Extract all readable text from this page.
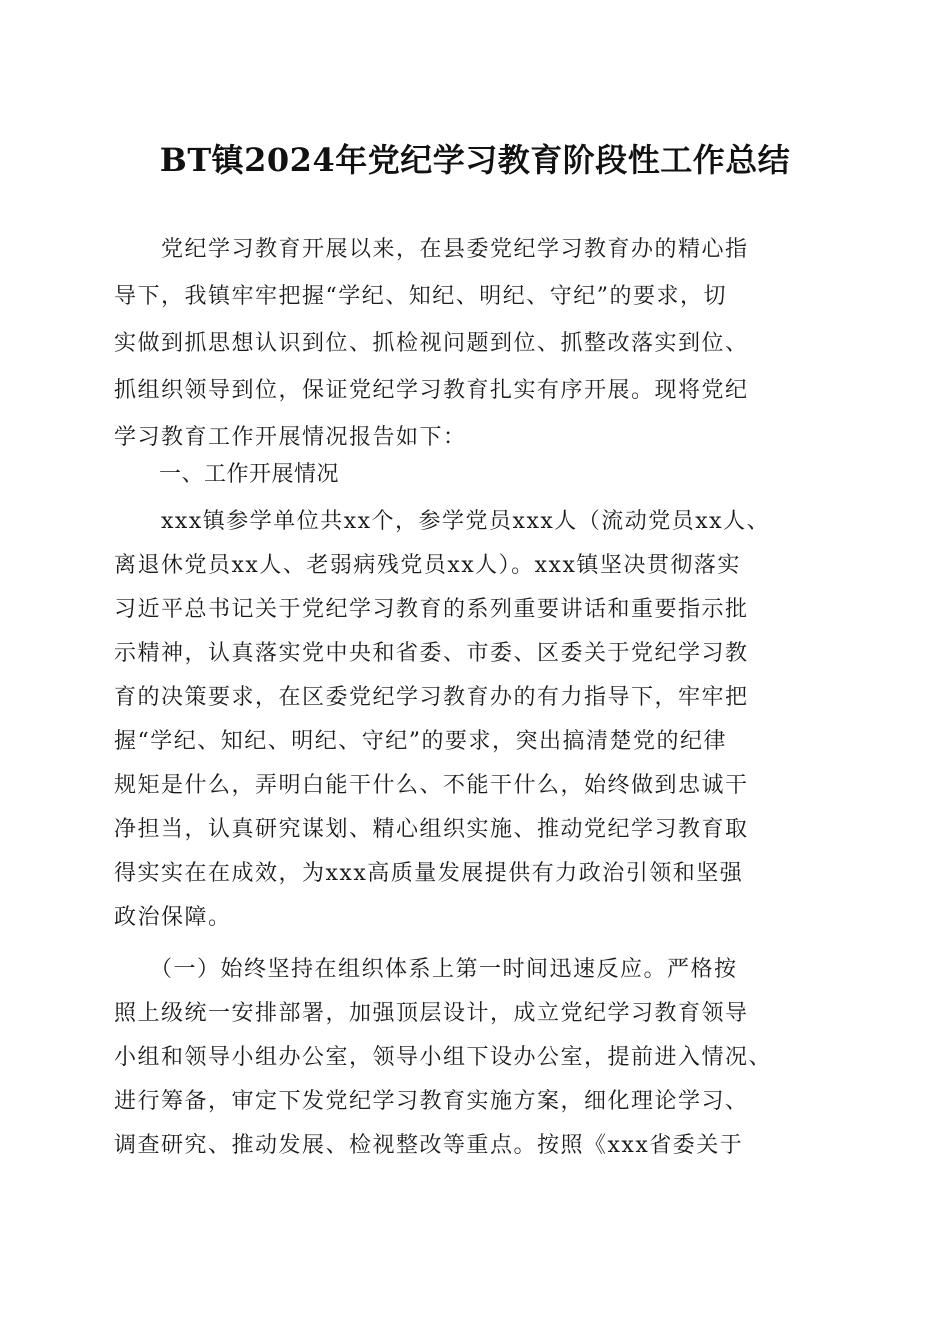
BT镇2024年党纪学习教育阶段性工作总结
　　党纪学习教育开展以来，在县委党纪学习教育办的精心指
导下，我镇牢牢把握“学纪、知纪、明纪、守纪”的要求，切
实做到抓思想认识到位、抓检视问题到位、抓整改落实到位、
抓组织领导到位，保证党纪学习教育扎实有序开展。现将党纪
学习教育工作开展情况报告如下：
　　一、工作开展情况
　　xxx镇参学单位共xx个，参学党员xxx人（流动党员xx人、
离退休党员xx人、老弱病残党员xx人）。xxx镇坚决贯彻落实
习近平总书记关于党纪学习教育的系列重要讲话和重要指示批
示精神，认真落实党中央和省委、市委、区委关于党纪学习教
育的决策要求，在区委党纪学习教育办的有力指导下，牢牢把
握“学纪、知纪、明纪、守纪”的要求，突出搞清楚党的纪律
规矩是什么，弄明白能干什么、不能干什么，始终做到忠诚干
净担当，认真研究谋划、精心组织实施、推动党纪学习教育取
得实实在在成效，为xxx高质量发展提供有力政治引领和坚强
政治保障。
　　（一）始终坚持在组织体系上第一时间迅速反应。严格按
照上级统一安排部署，加强顶层设计，成立党纪学习教育领导
小组和领导小组办公室，领导小组下设办公室，提前进入情况、
进行筹备，审定下发党纪学习教育实施方案，细化理论学习、
调查研究、推动发展、检视整改等重点。按照《xxx省委关于
